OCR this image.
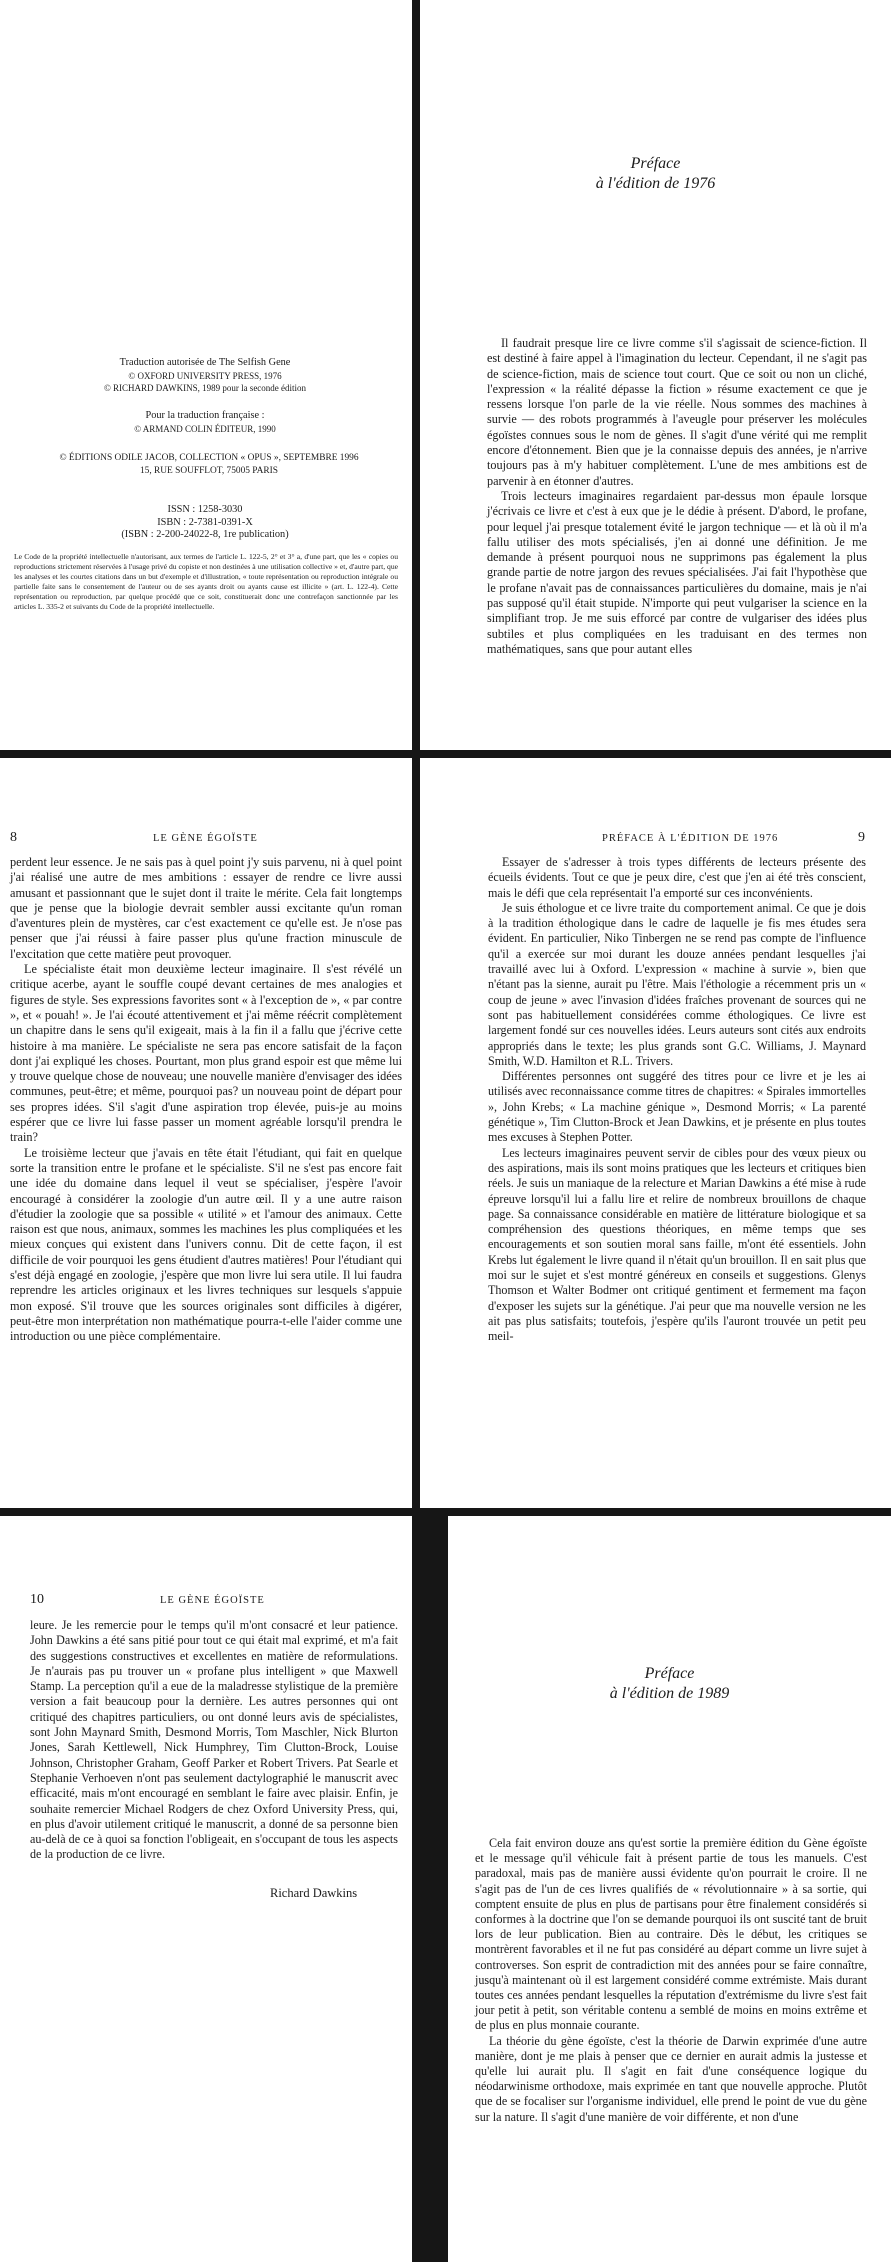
Traduction autorisée de The Selfish Gene

© OXFORD UNIVERSITY PRESS, 1976

© RICHARD DAWKINS, 1989 pour la seconde édition

Pour la traduction française :

© ARMAND COLIN ÉDITEUR, 1990

© ÉDITIONS ODILE JACOB, COLLECTION « OPUS », SEPTEMBRE 1996

15, RUE SOUFFLOT, 75005 PARIS

ISSN : 1258-3030

ISBN : 2-7381-0391-X

(ISBN : 2-200-24022-8, 1re publication)

Le Code de la propriété intellectuelle n'autorisant, aux termes de l'article L. 122-5, 2° et 3° a, d'une part, que les « copies ou reproductions strictement réservées à l'usage privé du copiste et non destinées à une utilisation collective » et, d'autre part, que les analyses et les courtes citations dans un but d'exemple et d'illustration, « toute représentation ou reproduction intégrale ou partielle faite sans le consentement de l'auteur ou de ses ayants droit ou ayants cause est illicite » (art. L. 122-4). Cette représentation ou reproduction, par quelque procédé que ce soit, constituerait donc une contrefaçon sanctionnée par les articles L. 335-2 et suivants du Code de la propriété intellectuelle.

Préface

à l'édition de 1976

Il faudrait presque lire ce livre comme s'il s'agissait de science-fiction. Il est destiné à faire appel à l'imagination du lecteur. Cependant, il ne s'agit pas de science-fiction, mais de science tout court. Que ce soit ou non un cliché, l'expression « la réalité dépasse la fiction » résume exactement ce que je ressens lorsque l'on parle de la vie réelle. Nous sommes des machines à survie — des robots programmés à l'aveugle pour préserver les molécules égoïstes connues sous le nom de gènes. Il s'agit d'une vérité qui me remplit encore d'étonnement. Bien que je la connaisse depuis des années, je n'arrive toujours pas à m'y habituer complètement. L'une de mes ambitions est de parvenir à en étonner d'autres.

Trois lecteurs imaginaires regardaient par-dessus mon épaule lorsque j'écrivais ce livre et c'est à eux que je le dédie à présent. D'abord, le profane, pour lequel j'ai presque totalement évité le jargon technique — et là où il m'a fallu utiliser des mots spécialisés, j'en ai donné une définition. Je me demande à présent pourquoi nous ne supprimons pas également la plus grande partie de notre jargon des revues spécialisées. J'ai fait l'hypothèse que le profane n'avait pas de connaissances particulières du domaine, mais je n'ai pas supposé qu'il était stupide. N'importe qui peut vulgariser la science en la simplifiant trop. Je me suis efforcé par contre de vulgariser des idées plus subtiles et plus compliquées en les traduisant en des termes non mathématiques, sans que pour autant elles

8	LE GÈNE ÉGOÏSTE

perdent leur essence. Je ne sais pas à quel point j'y suis parvenu, ni à quel point j'ai réalisé une autre de mes ambitions : essayer de rendre ce livre aussi amusant et passionnant que le sujet dont il traite le mérite. Cela fait longtemps que je pense que la biologie devrait sembler aussi excitante qu'un roman d'aventures plein de mystères, car c'est exactement ce qu'elle est. Je n'ose pas penser que j'ai réussi à faire passer plus qu'une fraction minuscule de l'excitation que cette matière peut provoquer.

Le spécialiste était mon deuxième lecteur imaginaire. Il s'est révélé un critique acerbe, ayant le souffle coupé devant certaines de mes analogies et figures de style. Ses expressions favorites sont « à l'exception de », « par contre », et « pouah! ». Je l'ai écouté attentivement et j'ai même réécrit complètement un chapitre dans le sens qu'il exigeait, mais à la fin il a fallu que j'écrive cette histoire à ma manière. Le spécialiste ne sera pas encore satisfait de la façon dont j'ai expliqué les choses. Pourtant, mon plus grand espoir est que même lui y trouve quelque chose de nouveau; une nouvelle manière d'envisager des idées communes, peut-être; et même, pourquoi pas? un nouveau point de départ pour ses propres idées. S'il s'agit d'une aspiration trop élevée, puis-je au moins espérer que ce livre lui fasse passer un moment agréable lorsqu'il prendra le train?

Le troisième lecteur que j'avais en tête était l'étudiant, qui fait en quelque sorte la transition entre le profane et le spécialiste. S'il ne s'est pas encore fait une idée du domaine dans lequel il veut se spécialiser, j'espère l'avoir encouragé à considérer la zoologie d'un autre œil. Il y a une autre raison d'étudier la zoologie que sa possible « utilité » et l'amour des animaux. Cette raison est que nous, animaux, sommes les machines les plus compliquées et les mieux conçues qui existent dans l'univers connu. Dit de cette façon, il est difficile de voir pourquoi les gens étudient d'autres matières! Pour l'étudiant qui s'est déjà engagé en zoologie, j'espère que mon livre lui sera utile. Il lui faudra reprendre les articles originaux et les livres techniques sur lesquels s'appuie mon exposé. S'il trouve que les sources originales sont difficiles à digérer, peut-être mon interprétation non mathématique pourra-t-elle l'aider comme une introduction ou une pièce complémentaire.

PRÉFACE À L'ÉDITION DE 1976	9

Essayer de s'adresser à trois types différents de lecteurs présente des écueils évidents. Tout ce que je peux dire, c'est que j'en ai été très conscient, mais le défi que cela représentait l'a emporté sur ces inconvénients.

Je suis éthologue et ce livre traite du comportement animal. Ce que je dois à la tradition éthologique dans le cadre de laquelle je fis mes études sera évident. En particulier, Niko Tinbergen ne se rend pas compte de l'influence qu'il a exercée sur moi durant les douze années pendant lesquelles j'ai travaillé avec lui à Oxford. L'expression « machine à survie », bien que n'étant pas la sienne, aurait pu l'être. Mais l'éthologie a récemment pris un « coup de jeune » avec l'invasion d'idées fraîches provenant de sources qui ne sont pas habituellement considérées comme éthologiques. Ce livre est largement fondé sur ces nouvelles idées. Leurs auteurs sont cités aux endroits appropriés dans le texte; les plus grands sont G.C. Williams, J. Maynard Smith, W.D. Hamilton et R.L. Trivers.

Différentes personnes ont suggéré des titres pour ce livre et je les ai utilisés avec reconnaissance comme titres de chapitres: « Spirales immortelles », John Krebs; « La machine génique », Desmond Morris; « La parenté génétique », Tim Clutton-Brock et Jean Dawkins, et je présente en plus toutes mes excuses à Stephen Potter.

Les lecteurs imaginaires peuvent servir de cibles pour des vœux pieux ou des aspirations, mais ils sont moins pratiques que les lecteurs et critiques bien réels. Je suis un maniaque de la relecture et Marian Dawkins a été mise à rude épreuve lorsqu'il lui a fallu lire et relire de nombreux brouillons de chaque page. Sa connaissance considérable en matière de littérature biologique et sa compréhension des questions théoriques, en même temps que ses encouragements et son soutien moral sans faille, m'ont été essentiels. John Krebs lut également le livre quand il n'était qu'un brouillon. Il en sait plus que moi sur le sujet et s'est montré généreux en conseils et suggestions. Glenys Thomson et Walter Bodmer ont critiqué gentiment et fermement ma façon d'exposer les sujets sur la génétique. J'ai peur que ma nouvelle version ne les ait pas plus satisfaits; toutefois, j'espère qu'ils l'auront trouvée un petit peu meil-

10	LE GÈNE ÉGOÏSTE

leure. Je les remercie pour le temps qu'il m'ont consacré et leur patience. John Dawkins a été sans pitié pour tout ce qui était mal exprimé, et m'a fait des suggestions constructives et excellentes en matière de reformulations. Je n'aurais pas pu trouver un « profane plus intelligent » que Maxwell Stamp. La perception qu'il a eue de la maladresse stylistique de la première version a fait beaucoup pour la dernière. Les autres personnes qui ont critiqué des chapitres particuliers, ou ont donné leurs avis de spécialistes, sont John Maynard Smith, Desmond Morris, Tom Maschler, Nick Blurton Jones, Sarah Kettlewell, Nick Humphrey, Tim Clutton-Brock, Louise Johnson, Christopher Graham, Geoff Parker et Robert Trivers. Pat Searle et Stephanie Verhoeven n'ont pas seulement dactylographié le manuscrit avec efficacité, mais m'ont encouragé en semblant le faire avec plaisir. Enfin, je souhaite remercier Michael Rodgers de chez Oxford University Press, qui, en plus d'avoir utilement critiqué le manuscrit, a donné de sa personne bien au-delà de ce à quoi sa fonction l'obligeait, en s'occupant de tous les aspects de la production de ce livre.

Richard Dawkins

Préface

à l'édition de 1989

Cela fait environ douze ans qu'est sortie la première édition du Gène égoïste et le message qu'il véhicule fait à présent partie de tous les manuels. C'est paradoxal, mais pas de manière aussi évidente qu'on pourrait le croire. Il ne s'agit pas de l'un de ces livres qualifiés de « révolutionnaire » à sa sortie, qui comptent ensuite de plus en plus de partisans pour être finalement considérés si conformes à la doctrine que l'on se demande pourquoi ils ont suscité tant de bruit lors de leur publication. Bien au contraire. Dès le début, les critiques se montrèrent favorables et il ne fut pas considéré au départ comme un livre sujet à controverses. Son esprit de contradiction mit des années pour se faire connaître, jusqu'à maintenant où il est largement considéré comme extrémiste. Mais durant toutes ces années pendant lesquelles la réputation d'extrémisme du livre s'est fait jour petit à petit, son véritable contenu a semblé de moins en moins extrême et de plus en plus monnaie courante.

La théorie du gène égoïste, c'est la théorie de Darwin exprimée d'une autre manière, dont je me plais à penser que ce dernier en aurait admis la justesse et qu'elle lui aurait plu. Il s'agit en fait d'une conséquence logique du néodarwinisme orthodoxe, mais exprimée en tant que nouvelle approche. Plutôt que de se focaliser sur l'organisme individuel, elle prend le point de vue du gène sur la nature. Il s'agit d'une manière de voir différente, et non d'une
